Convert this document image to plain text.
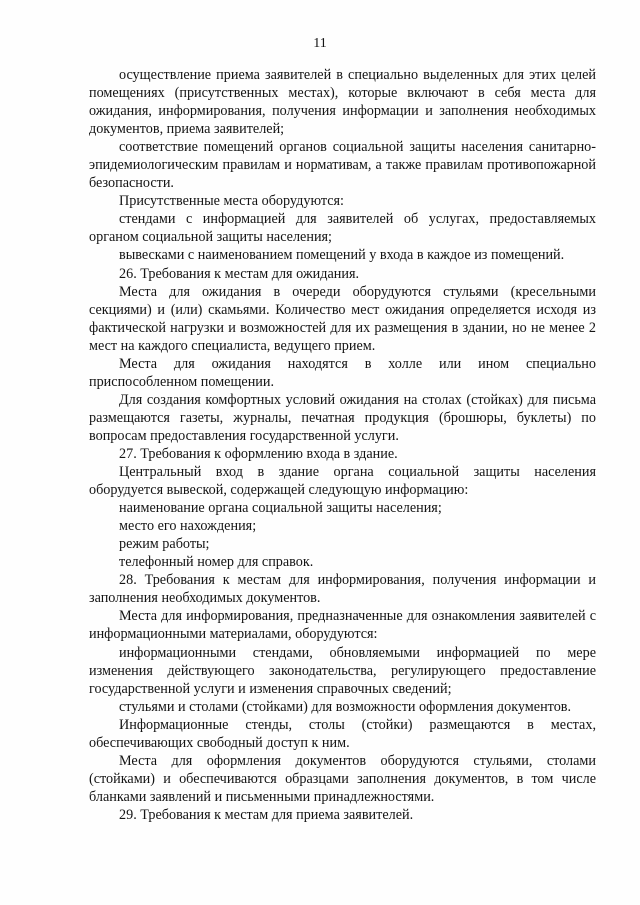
11

осуществление приема заявителей в специально выделенных для этих целей помещениях (присутственных местах), которые включают в себя места для ожидания, информирования, получения информации и заполнения необходимых документов, приема заявителей;

соответствие помещений органов социальной защиты населения санитарно-эпидемиологическим правилам и нормативам, а также правилам противопожарной безопасности.

Присутственные места оборудуются:

стендами с информацией для заявителей об услугах, предоставляемых органом социальной защиты населения;

вывесками с наименованием помещений у входа в каждое из помещений.

26. Требования к местам для ожидания.

Места для ожидания в очереди оборудуются стульями (кресельными секциями) и (или) скамьями. Количество мест ожидания определяется исходя из фактической нагрузки и возможностей для их размещения в здании, но не менее 2 мест на каждого специалиста, ведущего прием.

Места для ожидания находятся в холле или ином специально приспособленном помещении.

Для создания комфортных условий ожидания на столах (стойках) для письма размещаются газеты, журналы, печатная продукция (брошюры, буклеты) по вопросам предоставления государственной услуги.

27. Требования к оформлению входа в здание.

Центральный вход в здание органа социальной защиты населения оборудуется вывеской, содержащей следующую информацию:

наименование органа социальной защиты населения;

место его нахождения;

режим работы;

телефонный номер для справок.

28. Требования к местам для информирования, получения информации и заполнения необходимых документов.

Места для информирования, предназначенные для ознакомления заявителей с информационными материалами, оборудуются:

информационными стендами, обновляемыми информацией по мере изменения действующего законодательства, регулирующего предоставление государственной услуги и изменения справочных сведений;

стульями и столами (стойками) для возможности оформления документов.

Информационные стенды, столы (стойки) размещаются в местах, обеспечивающих свободный доступ к ним.

Места для оформления документов оборудуются стульями, столами (стойками) и обеспечиваются образцами заполнения документов, в том числе бланками заявлений и письменными принадлежностями.

29. Требования к местам для приема заявителей.
